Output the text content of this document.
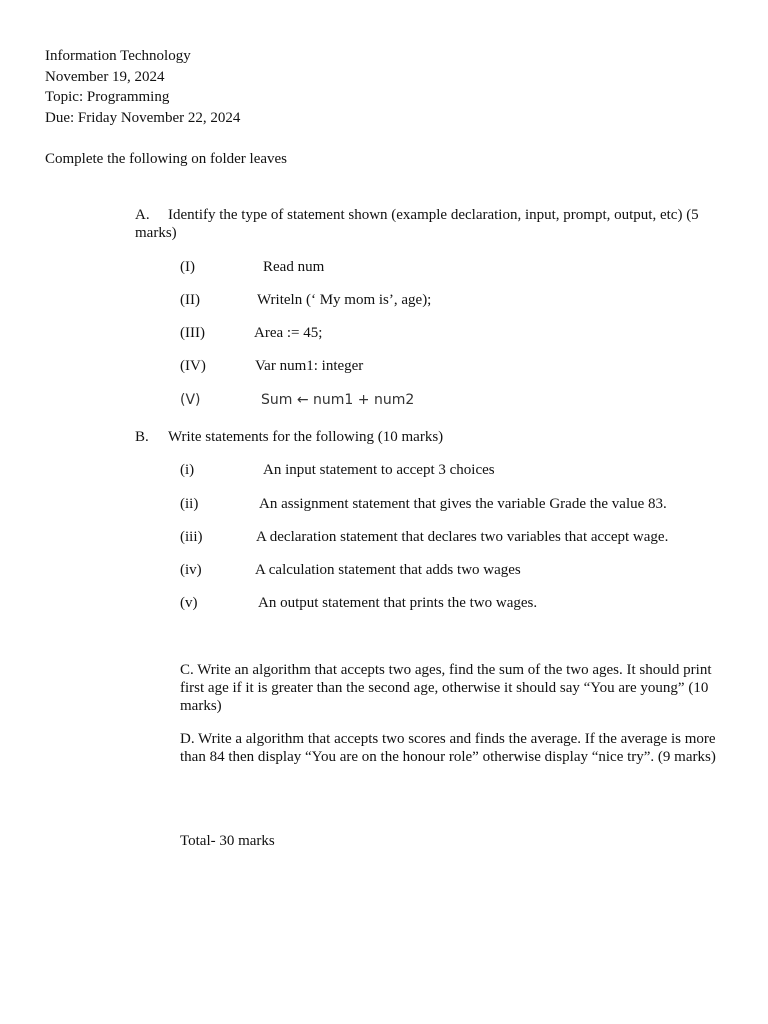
Information Technology
November 19, 2024
Topic: Programming
Due: Friday November 22, 2024
Complete the following on folder leaves
A. Identify the type of statement shown (example declaration, input, prompt, output, etc) (5 marks)
(I)	Read num
(II)	Writeln (‘ My mom is’, age);
(III)	Area := 45;
(IV)	Var num1: integer
(V)	Sum ← num1 + num2
B. Write statements for the following (10 marks)
(i)	An input statement to accept 3 choices
(ii)	An assignment statement that gives the variable Grade the value 83.
(iii)	A declaration statement that declares two variables that accept wage.
(iv)	A calculation statement that adds two wages
(v)	An output statement that prints the two wages.
C. Write an algorithm that accepts two ages, find the sum of the two ages. It should print first age if it is greater than the second age, otherwise it should say “You are young” (10 marks)
D. Write a algorithm that accepts two scores and finds the average. If the average is more than 84 then display “You are on the honour role” otherwise display “nice try”. (9 marks)
Total- 30 marks
